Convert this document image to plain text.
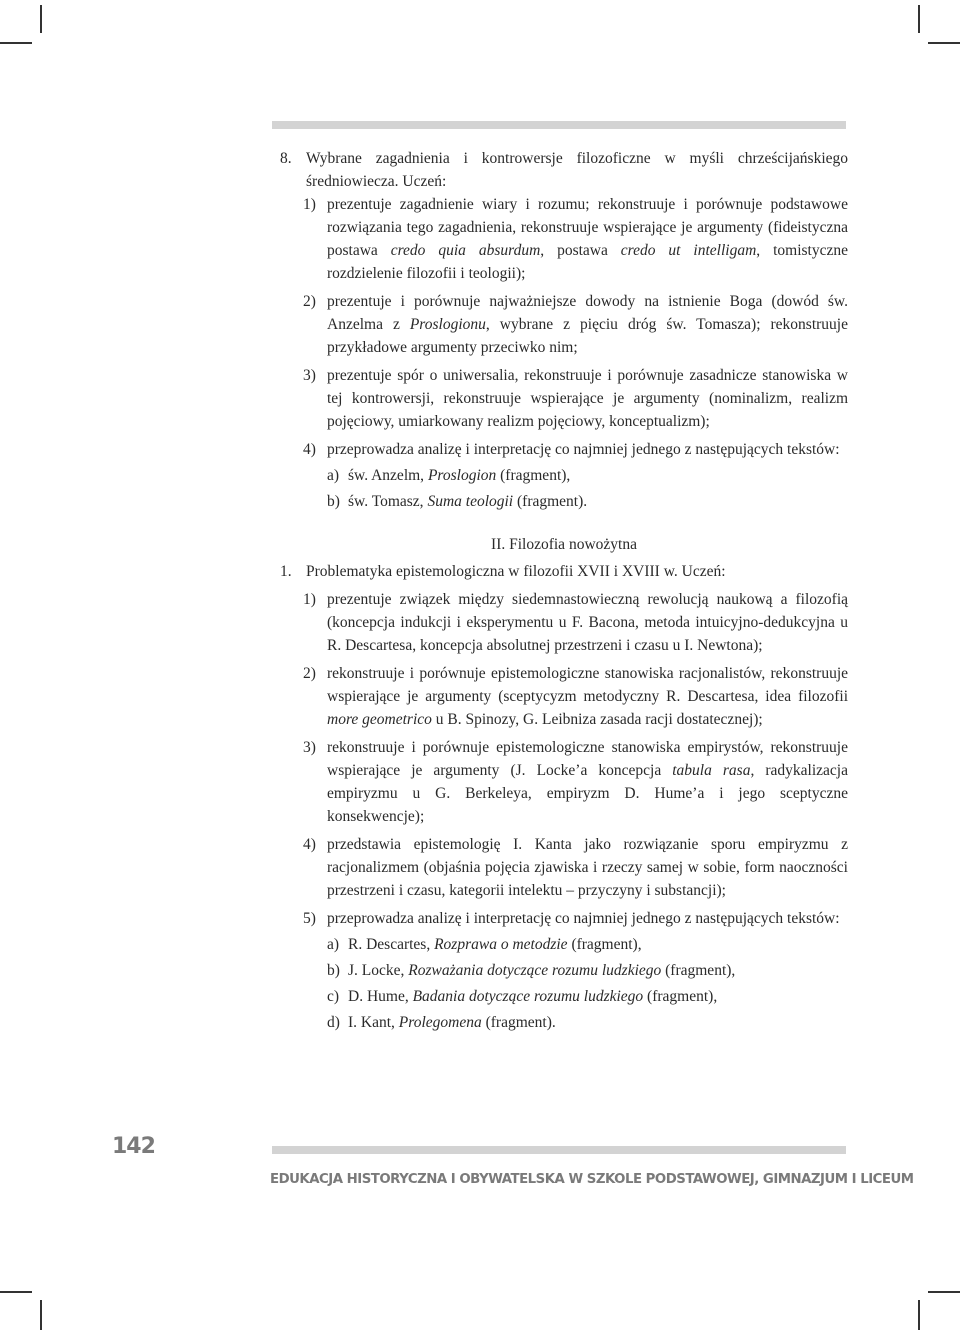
8. Wybrane zagadnienia i kontrowersje filozoficzne w myśli chrześcijańskiego średniowiecza. Uczeń:

1) prezentuje zagadnienie wiary i rozumu; rekonstruuje i porównuje podstawowe rozwiązania tego zagadnienia, rekonstruuje wspierające je argumenty (fideistyczna postawa credo quia absurdum, postawa credo ut intelligam, tomistyczne rozdzielenie filozofii i teologii);

2) prezentuje i porównuje najważniejsze dowody na istnienie Boga (dowód św. Anzelma z Proslogionu, wybrane z pięciu dróg św. Tomasza); rekonstruuje przykładowe argumenty przeciwko nim;

3) prezentuje spór o uniwersalia, rekonstruuje i porównuje zasadnicze stanowiska w tej kontrowersji, rekonstruuje wspierające je argumenty (nominalizm, realizm pojęciowy, umiarkowany realizm pojęciowy, konceptualizm);

4) przeprowadza analizę i interpretację co najmniej jednego z następujących tekstów:

a) św. Anzelm, Proslogion (fragment),

b) św. Tomasz, Suma teologii (fragment).

II. Filozofia nowożytna

1. Problematyka epistemologiczna w filozofii XVII i XVIII w. Uczeń:

1) prezentuje związek między siedemnastowieczną rewolucją naukową a filozofią (koncepcja indukcji i eksperymentu u F. Bacona, metoda intuicyjno-dedukcyjna u R. Descartesa, koncepcja absolutnej przestrzeni i czasu u I. Newtona);

2) rekonstruuje i porównuje epistemologiczne stanowiska racjonalistów, rekonstruuje wspierające je argumenty (sceptycyzm metodyczny R. Descartesa, idea filozofii more geometrico u B. Spinozy, G. Leibniza zasada racji dostatecznej);

3) rekonstruuje i porównuje epistemologiczne stanowiska empirystów, rekonstruuje wspierające je argumenty (J. Locke’a koncepcja tabula rasa, radykalizacja empiryzmu u G. Berkeleya, empiryzm D. Hume’a i jego sceptyczne konsekwencje);

4) przedstawia epistemologię I. Kanta jako rozwiązanie sporu empiryzmu z racjonalizmem (objaśnia pojęcia zjawiska i rzeczy samej w sobie, form naoczności przestrzeni i czasu, kategorii intelektu – przyczyny i substancji);

5) przeprowadza analizę i interpretację co najmniej jednego z następujących tekstów:

a) R. Descartes, Rozprawa o metodzie (fragment),

b) J. Locke, Rozważania dotyczące rozumu ludzkiego (fragment),

c) D. Hume, Badania dotyczące rozumu ludzkiego (fragment),

d) I. Kant, Prolegomena (fragment).

142
EDUKACJA HISTORYCZNA I OBYWATELSKA W SZKOLE PODSTAWOWEJ, GIMNAZJUM I LICEUM
